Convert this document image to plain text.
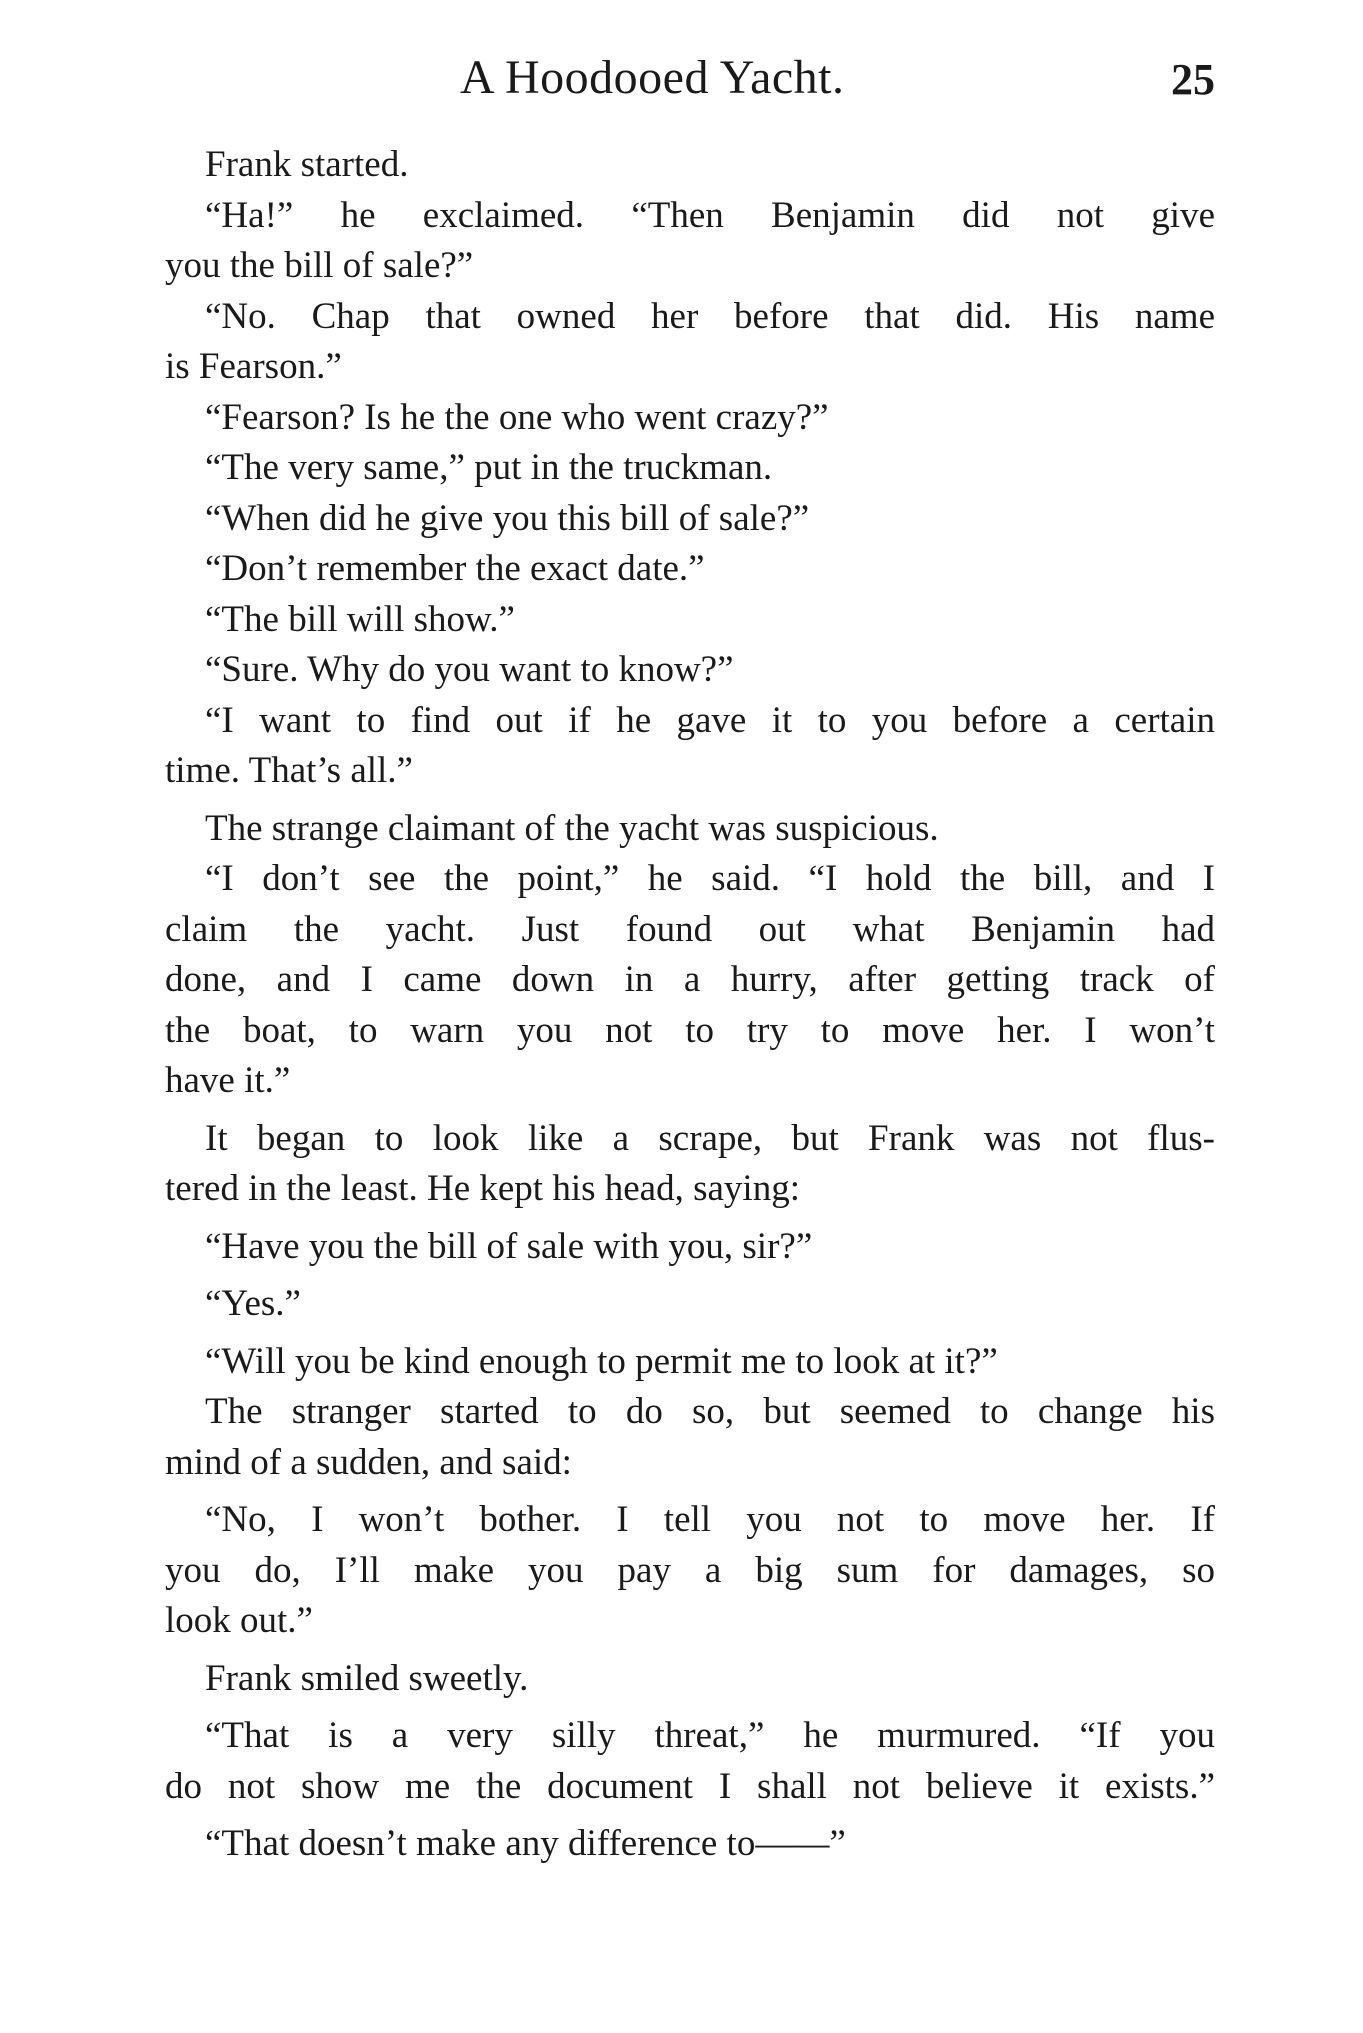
A Hoodooed Yacht.	25
Frank started.
“Ha!” he exclaimed. “Then Benjamin did not give
you the bill of sale?”
“No. Chap that owned her before that did. His name
is Fearson.”
“Fearson? Is he the one who went crazy?”
“The very same,” put in the truckman.
“When did he give you this bill of sale?”
“Don’t remember the exact date.”
“The bill will show.”
“Sure. Why do you want to know?”
“I want to find out if he gave it to you before a certain
time. That’s all.”
The strange claimant of the yacht was suspicious.
“I don’t see the point,” he said. “I hold the bill, and I
claim the yacht. Just found out what Benjamin had
done, and I came down in a hurry, after getting track of
the boat, to warn you not to try to move her. I won’t
have it.”
It began to look like a scrape, but Frank was not flus-
tered in the least. He kept his head, saying:
“Have you the bill of sale with you, sir?”
“Yes.”
“Will you be kind enough to permit me to look at it?”
The stranger started to do so, but seemed to change his
mind of a sudden, and said:
“No, I won’t bother. I tell you not to move her. If
you do, I’ll make you pay a big sum for damages, so
look out.”
Frank smiled sweetly.
“That is a very silly threat,” he murmured. “If you
do not show me the document I shall not believe it exists.”
“That doesn’t make any difference to——”
